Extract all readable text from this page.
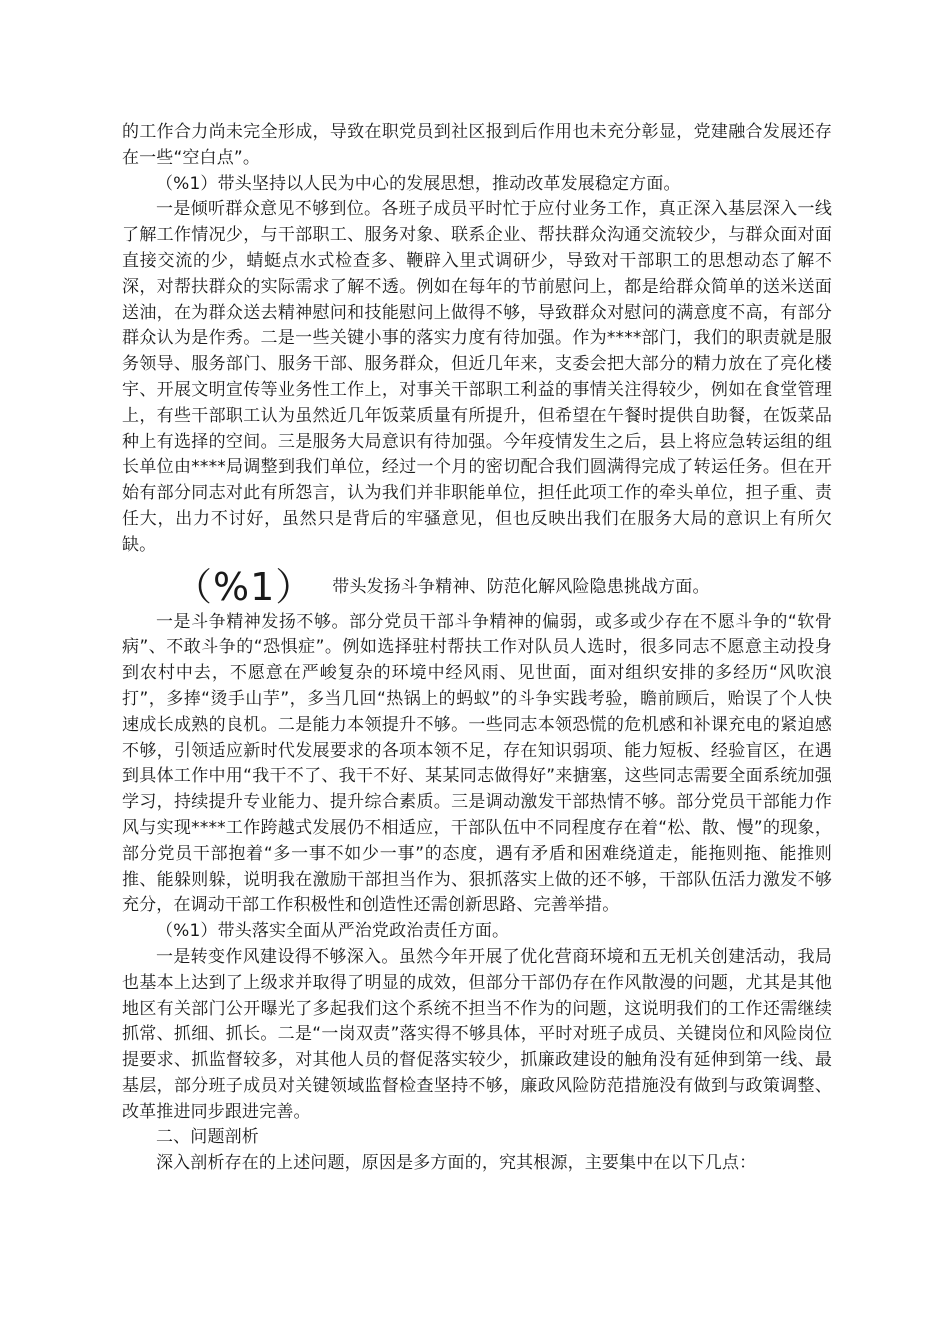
的工作合力尚未完全形成，导致在职党员到社区报到后作用也未充分彰显，党建融合发展还存在一些“空白点”。

（%1）带头坚持以人民为中心的发展思想，推动改革发展稳定方面。

一是倾听群众意见不够到位。各班子成员平时忙于应付业务工作，真正深入基层深入一线了解工作情况少，与干部职工、服务对象、联系企业、帮扶群众沟通交流较少，与群众面对面直接交流的少，蜻蜓点水式检查多、鞭辟入里式调研少，导致对干部职工的思想动态了解不深，对帮扶群众的实际需求了解不透。例如在每年的节前慰问上，都是给群众简单的送米送面送油，在为群众送去精神慰问和技能慰问上做得不够，导致群众对慰问的满意度不高，有部分群众认为是作秀。二是一些关键小事的落实力度有待加强。作为****部门，我们的职责就是服务领导、服务部门、服务干部、服务群众，但近几年来，支委会把大部分的精力放在了亮化楼宇、开展文明宣传等业务性工作上，对事关干部职工利益的事情关注得较少，例如在食堂管理上，有些干部职工认为虽然近几年饭菜质量有所提升，但希望在午餐时提供自助餐，在饭菜品种上有选择的空间。三是服务大局意识有待加强。今年疫情发生之后，县上将应急转运组的组长单位由****局调整到我们单位，经过一个月的密切配合我们圆满得完成了转运任务。但在开始有部分同志对此有所怨言，认为我们并非职能单位，担任此项工作的牵头单位，担子重、责任大，出力不讨好，虽然只是背后的牢骚意见，但也反映出我们在服务大局的意识上有所欠缺。

（%1） 带头发扬斗争精神、防范化解风险隐患挑战方面。

一是斗争精神发扬不够。部分党员干部斗争精神的偏弱，或多或少存在不愿斗争的“软骨病”、不敢斗争的“恐惧症”。例如选择驻村帮扶工作对队员人选时，很多同志不愿意主动投身到农村中去，不愿意在严峻复杂的环境中经风雨、见世面，面对组织安排的多经历“风吹浪打”，多捧“烫手山芋”，多当几回“热锅上的蚂蚁”的斗争实践考验，瞻前顾后，贻误了个人快速成长成熟的良机。二是能力本领提升不够。一些同志本领恐慌的危机感和补课充电的紧迫感不够，引领适应新时代发展要求的各项本领不足，存在知识弱项、能力短板、经验盲区，在遇到具体工作中用“我干不了、我干不好、某某同志做得好”来搪塞，这些同志需要全面系统加强学习，持续提升专业能力、提升综合素质。三是调动激发干部热情不够。部分党员干部能力作风与实现****工作跨越式发展仍不相适应，干部队伍中不同程度存在着“松、散、慢”的现象，部分党员干部抱着“多一事不如少一事”的态度，遇有矛盾和困难绕道走，能拖则拖、能推则推、能躲则躲，说明我在激励干部担当作为、狠抓落实上做的还不够，干部队伍活力激发不够充分，在调动干部工作积极性和创造性还需创新思路、完善举措。

（%1）带头落实全面从严治党政治责任方面。

一是转变作风建设得不够深入。虽然今年开展了优化营商环境和五无机关创建活动，我局也基本上达到了上级求并取得了明显的成效，但部分干部仍存在作风散漫的问题，尤其是其他地区有关部门公开曝光了多起我们这个系统不担当不作为的问题，这说明我们的工作还需继续抓常、抓细、抓长。二是“一岗双责”落实得不够具体，平时对班子成员、关键岗位和风险岗位提要求、抓监督较多，对其他人员的督促落实较少，抓廉政建设的触角没有延伸到第一线、最基层，部分班子成员对关键领域监督检查坚持不够，廉政风险防范措施没有做到与政策调整、改革推进同步跟进完善。

二、问题剖析

深入剖析存在的上述问题，原因是多方面的，究其根源，主要集中在以下几点：
